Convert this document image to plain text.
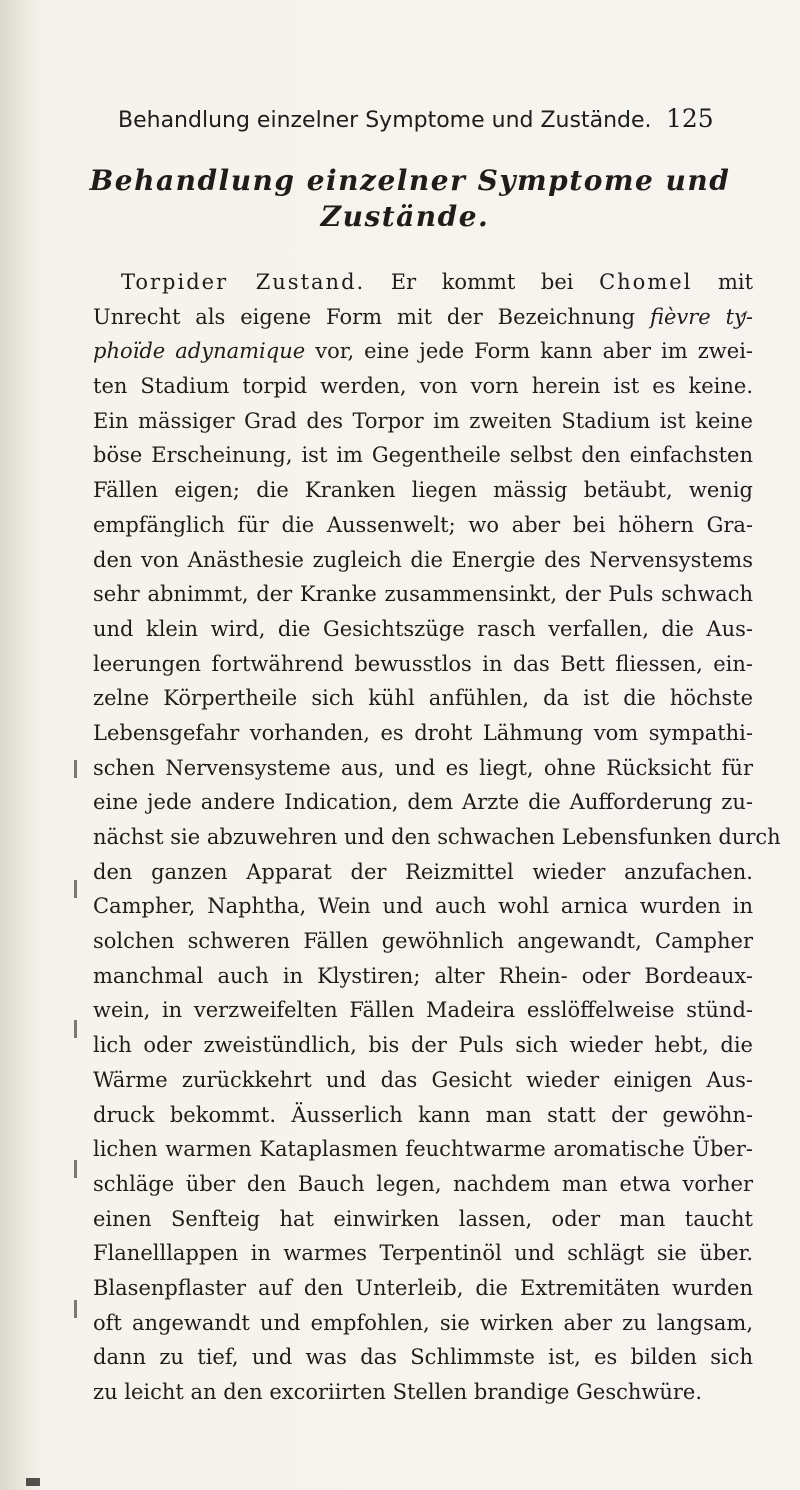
Behandlung einzelner Symptome und Zustände. 125
Behandlung einzelner Symptome und
Zustände.
Torpider Zustand. Er kommt bei Chomel mit
Unrecht als eigene Form mit der Bezeichnung fièvre ty-
phoïde adynamique vor, eine jede Form kann aber im zwei-
ten Stadium torpid werden, von vorn herein ist es keine.
Ein mässiger Grad des Torpor im zweiten Stadium ist keine
böse Erscheinung, ist im Gegentheile selbst den einfachsten
Fällen eigen; die Kranken liegen mässig betäubt, wenig
empfänglich für die Aussenwelt; wo aber bei höhern Gra-
den von Anästhesie zugleich die Energie des Nervensystems
sehr abnimmt, der Kranke zusammensinkt, der Puls schwach
und klein wird, die Gesichtszüge rasch verfallen, die Aus-
leerungen fortwährend bewusstlos in das Bett fliessen, ein-
zelne Körpertheile sich kühl anfühlen, da ist die höchste
Lebensgefahr vorhanden, es droht Lähmung vom sympathi-
schen Nervensysteme aus, und es liegt, ohne Rücksicht für
eine jede andere Indication, dem Arzte die Aufforderung zu-
nächst sie abzuwehren und den schwachen Lebensfunken durch
den ganzen Apparat der Reizmittel wieder anzufachen.
Campher, Naphtha, Wein und auch wohl arnica wurden in
solchen schweren Fällen gewöhnlich angewandt, Campher
manchmal auch in Klystiren; alter Rhein- oder Bordeaux-
wein, in verzweifelten Fällen Madeira esslöffelweise stünd-
lich oder zweistündlich, bis der Puls sich wieder hebt, die
Wärme zurückkehrt und das Gesicht wieder einigen Aus-
druck bekommt. Äusserlich kann man statt der gewöhn-
lichen warmen Kataplasmen feuchtwarme aromatische Über-
schläge über den Bauch legen, nachdem man etwa vorher
einen Senfteig hat einwirken lassen, oder man taucht
Flanelllappen in warmes Terpentinöl und schlägt sie über.
Blasenpflaster auf den Unterleib, die Extremitäten wurden
oft angewandt und empfohlen, sie wirken aber zu langsam,
dann zu tief, und was das Schlimmste ist, es bilden sich
zu leicht an den excoriirten Stellen brandige Geschwüre.
